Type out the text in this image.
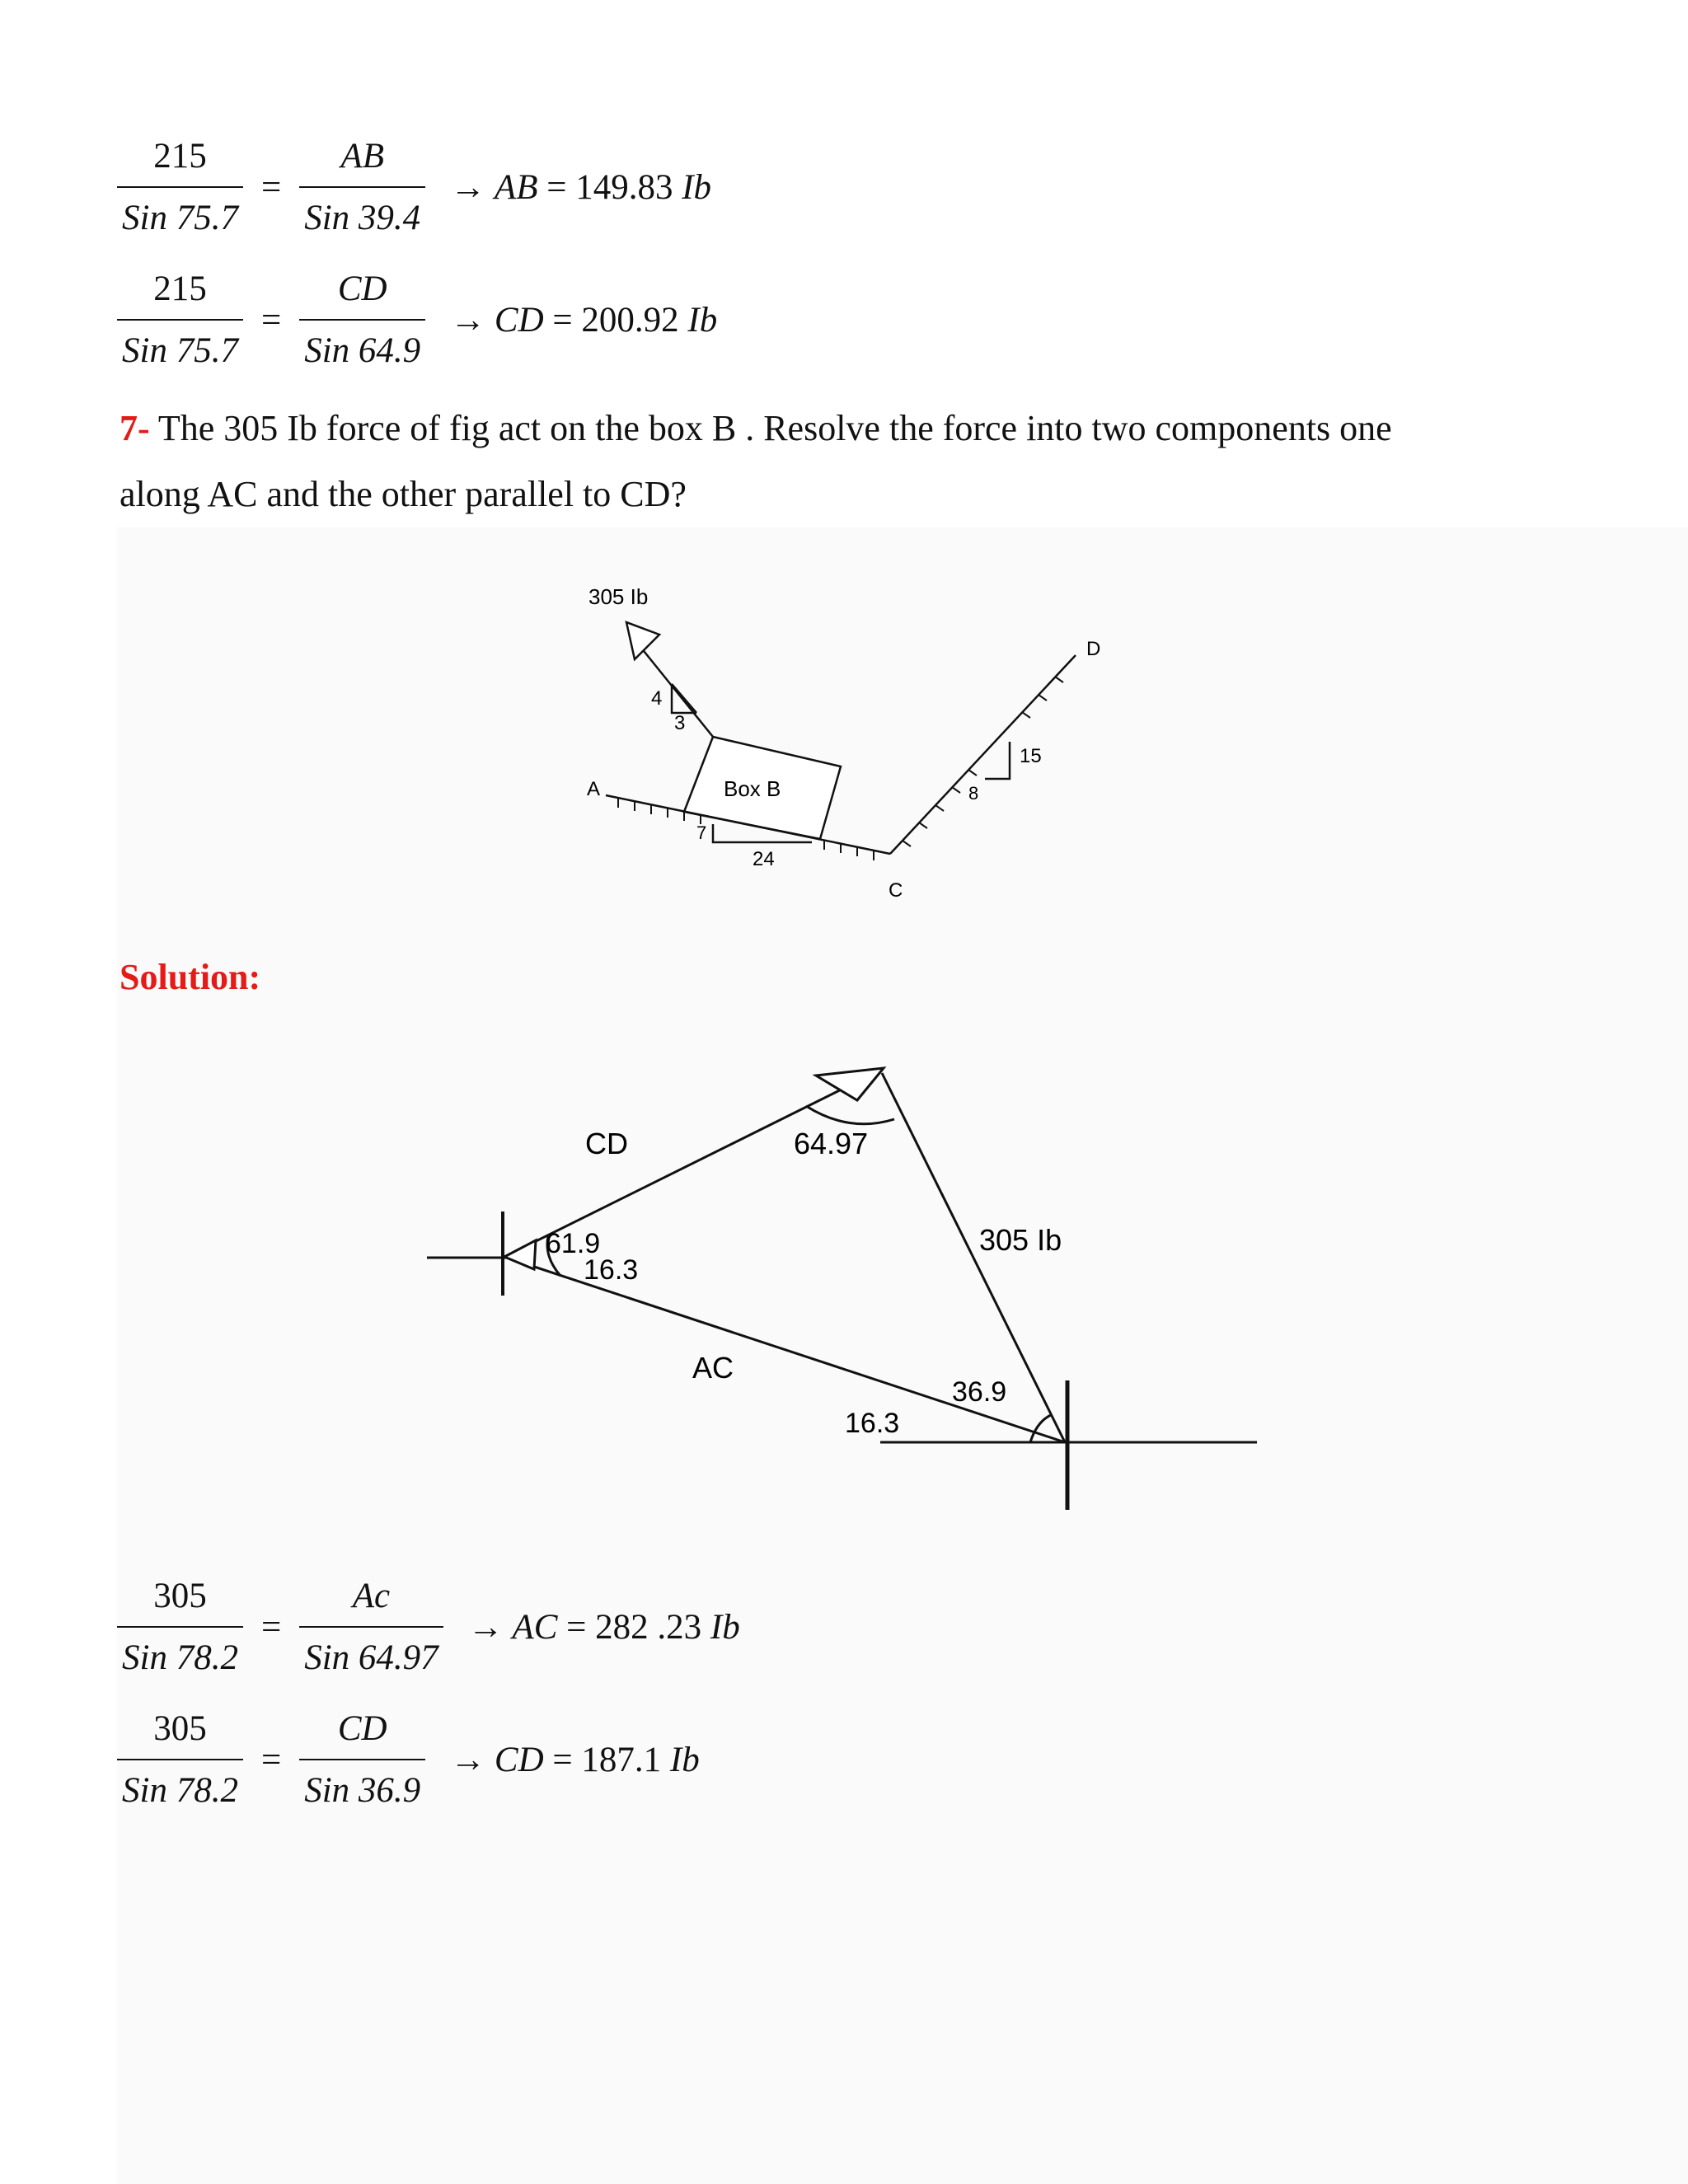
$\frac{215}{\text{Sin 75.7}} = \frac{AB}{\text{Sin 39.4}}$ → AB = 149.83 Ib
$\frac{215}{\text{Sin 75.7}} = \frac{CD}{\text{Sin 64.9}}$ → CD = 200.92 Ib
7- The 305 Ib force of fig act on the box B . Resolve the force into two components one
along AC and the other parallel to CD?
305 Ib
4
3
Box B
A
C
D
7
24
8
15
Solution:
CD
AC
305 Ib
64.97
61.9
16.3
36.9
16.3
$\frac{305}{\text{Sin 78.2}} = \frac{Ac}{\text{Sin 64.97}}$ → AC = 282 .23 Ib
$\frac{305}{\text{Sin 78.2}} = \frac{CD}{\text{Sin 36.9}}$ → CD = 187.1 Ib
